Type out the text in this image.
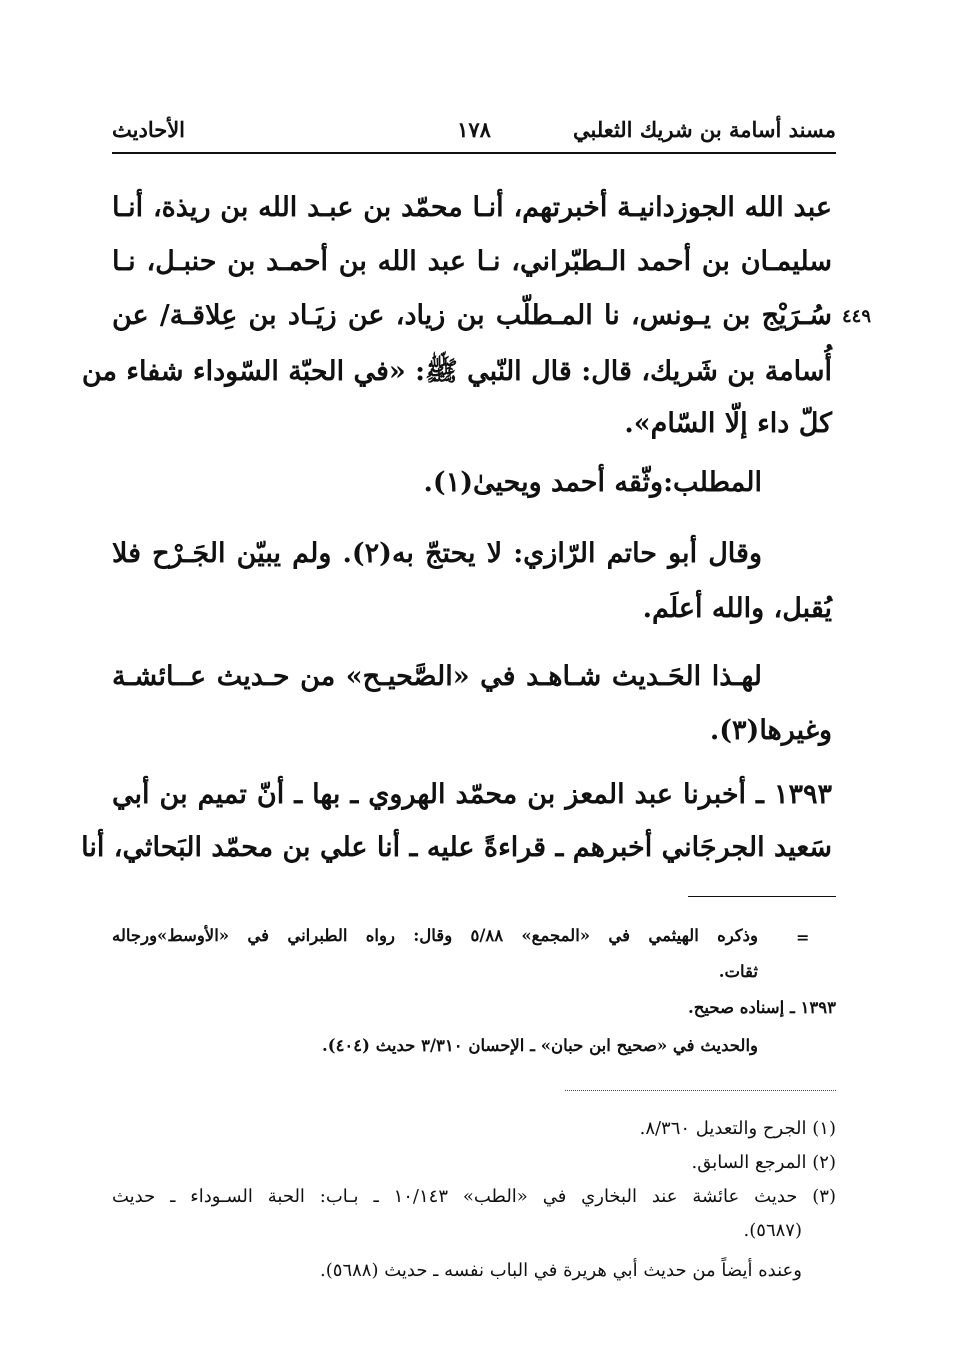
مسند أسامة بن شريك الثعلبي
١٧٨
الأحاديث
عبد الله الجوزدانيـة أخبرتهم، أنـا محمّد بن عبـد الله بن ريذة، أنـا
سليمـان بن أحمد الـطبّراني، نـا عبد الله بن أحمـد بن حنبـل، نـا
سُـرَيْج بن يـونس، نا المـطلّب بن زياد، عن زيَـاد بن عِلاقـة/ عن ٤٤٩
أُسامة بن شَريك، قال: قال النّبي ﷺ: «في الحبّة السّوداء شفاء من
كلّ داء إلّا السّام».
المطلب:وثّقه أحمد ويحيىٰ(١).
وقال أبو حاتم الرّازي: لا يحتجّ به(٢). ولم يبيّن الجَـرْح فلا
يُقبل، والله أعلَم.
لهـذا الحَـديث شـاهـد في «الصَّحيـح» من حـديث عــائشـة
وغيرها(٣).
١٣٩٣ ـ أخبرنا عبد المعز بن محمّد الهروي ـ بها ـ أنّ تميم بن أبي
سَعيد الجرجَاني أخبرهم ـ قراءةً عليه ـ أنا علي بن محمّد البَحاثي، أنا
=
وذكره الهيثمي في «المجمع» ٥/٨٨ وقال: رواه الطبراني في «الأوسط»ورجاله
ثقات.
١٣٩٣ ـ إسناده صحيح.
والحديث في «صحيح ابن حبان» ـ الإحسان ٣/٣١٠ حديث (٤٠٤).
(١) الجرح والتعديل ٨/٣٦٠.
(٢) المرجع السابق.
(٣) حديث عائشة عند البخاري في «الطب» ١٠/١٤٣ ـ بـاب: الحبة السـوداء ـ حديث
(٥٦٨٧).
وعنده أيضاً من حديث أبي هريرة في الباب نفسه ـ حديث (٥٦٨٨).
